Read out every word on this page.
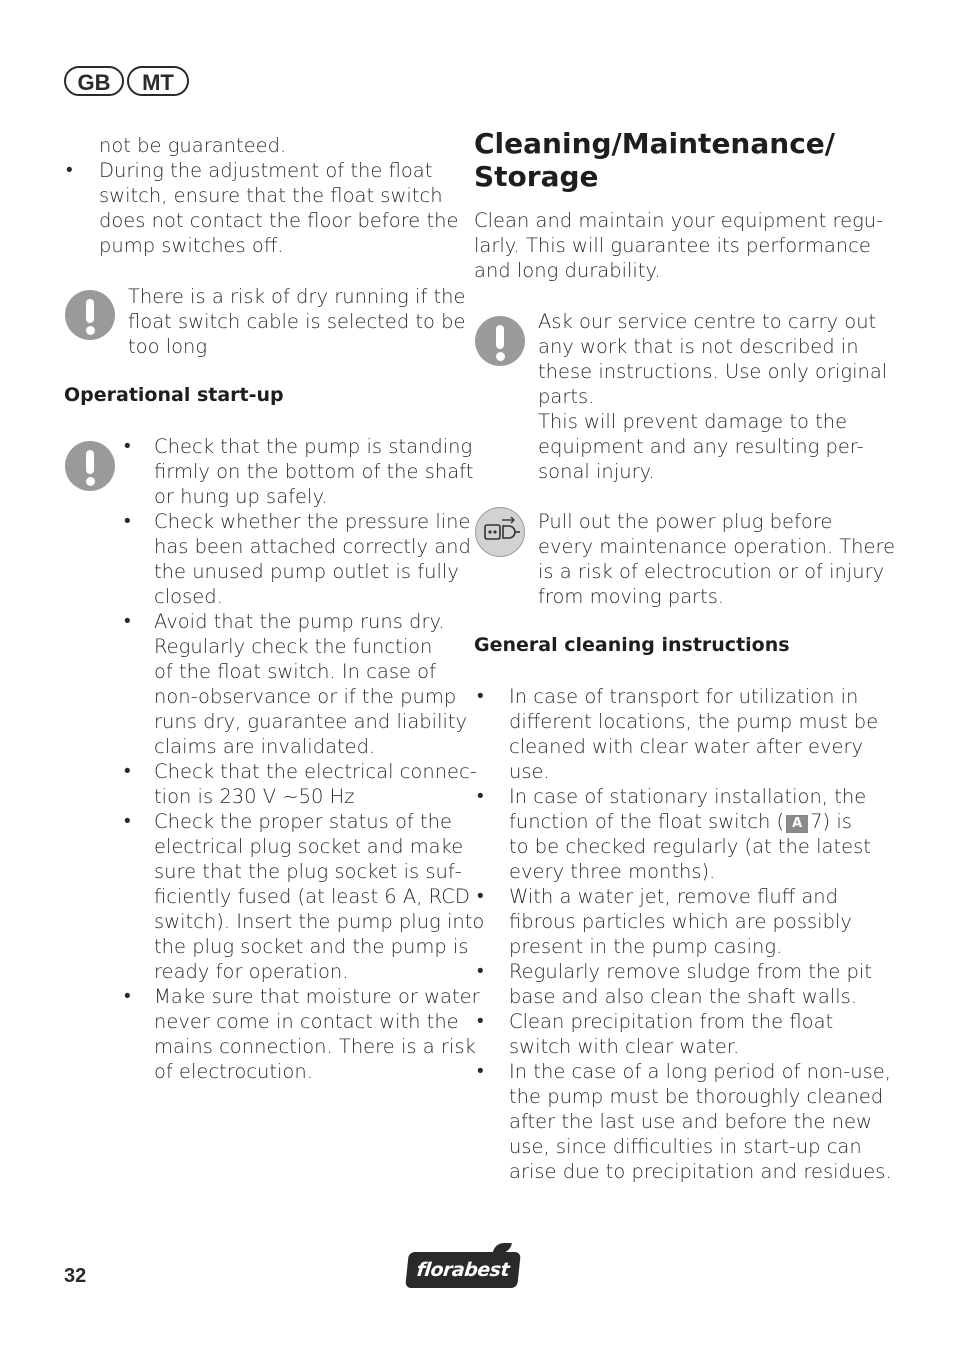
GB	MT
not be guaranteed.
• During the adjustment of the float
switch, ensure that the float switch
does not contact the floor before the
pump switches off.
There is a risk of dry running if the
float switch cable is selected to be
too long
Operational start-up
• Check that the pump is standing
firmly on the bottom of the shaft
or hung up safely.
• Check whether the pressure line
has been attached correctly and
the unused pump outlet is fully
closed.
• Avoid that the pump runs dry.
Regularly check the function
of the float switch. In case of
non-observance or if the pump
runs dry, guarantee and liability
claims are invalidated.
• Check that the electrical connec-
tion is 230 V ~50 Hz
• Check the proper status of the
electrical plug socket and make
sure that the plug socket is suf-
ficiently fused (at least 6 A, RCD
switch). Insert the pump plug into
the plug socket and the pump is
ready for operation.
• Make sure that moisture or water
never come in contact with the
mains connection. There is a risk
of electrocution.
Cleaning/Maintenance/
Storage
Clean and maintain your equipment regu-
larly. This will guarantee its performance
and long durability.
Ask our service centre to carry out
any work that is not described in
these instructions. Use only original
parts.
This will prevent damage to the
equipment and any resulting per-
sonal injury.
Pull out the power plug before
every maintenance operation. There
is a risk of electrocution or of injury
from moving parts.
General cleaning instructions
• In case of transport for utilization in
different locations, the pump must be
cleaned with clear water after every
use.
• In case of stationary installation, the
function of the float switch ( A 7) is
to be checked regularly (at the latest
every three months).
• With a water jet, remove fluff and
fibrous particles which are possibly
present in the pump casing.
• Regularly remove sludge from the pit
base and also clean the shaft walls.
• Clean precipitation from the float
switch with clear water.
• In the case of a long period of non-use,
the pump must be thoroughly cleaned
after the last use and before the new
use, since difficulties in start-up can
arise due to precipitation and residues.
32	florabest
